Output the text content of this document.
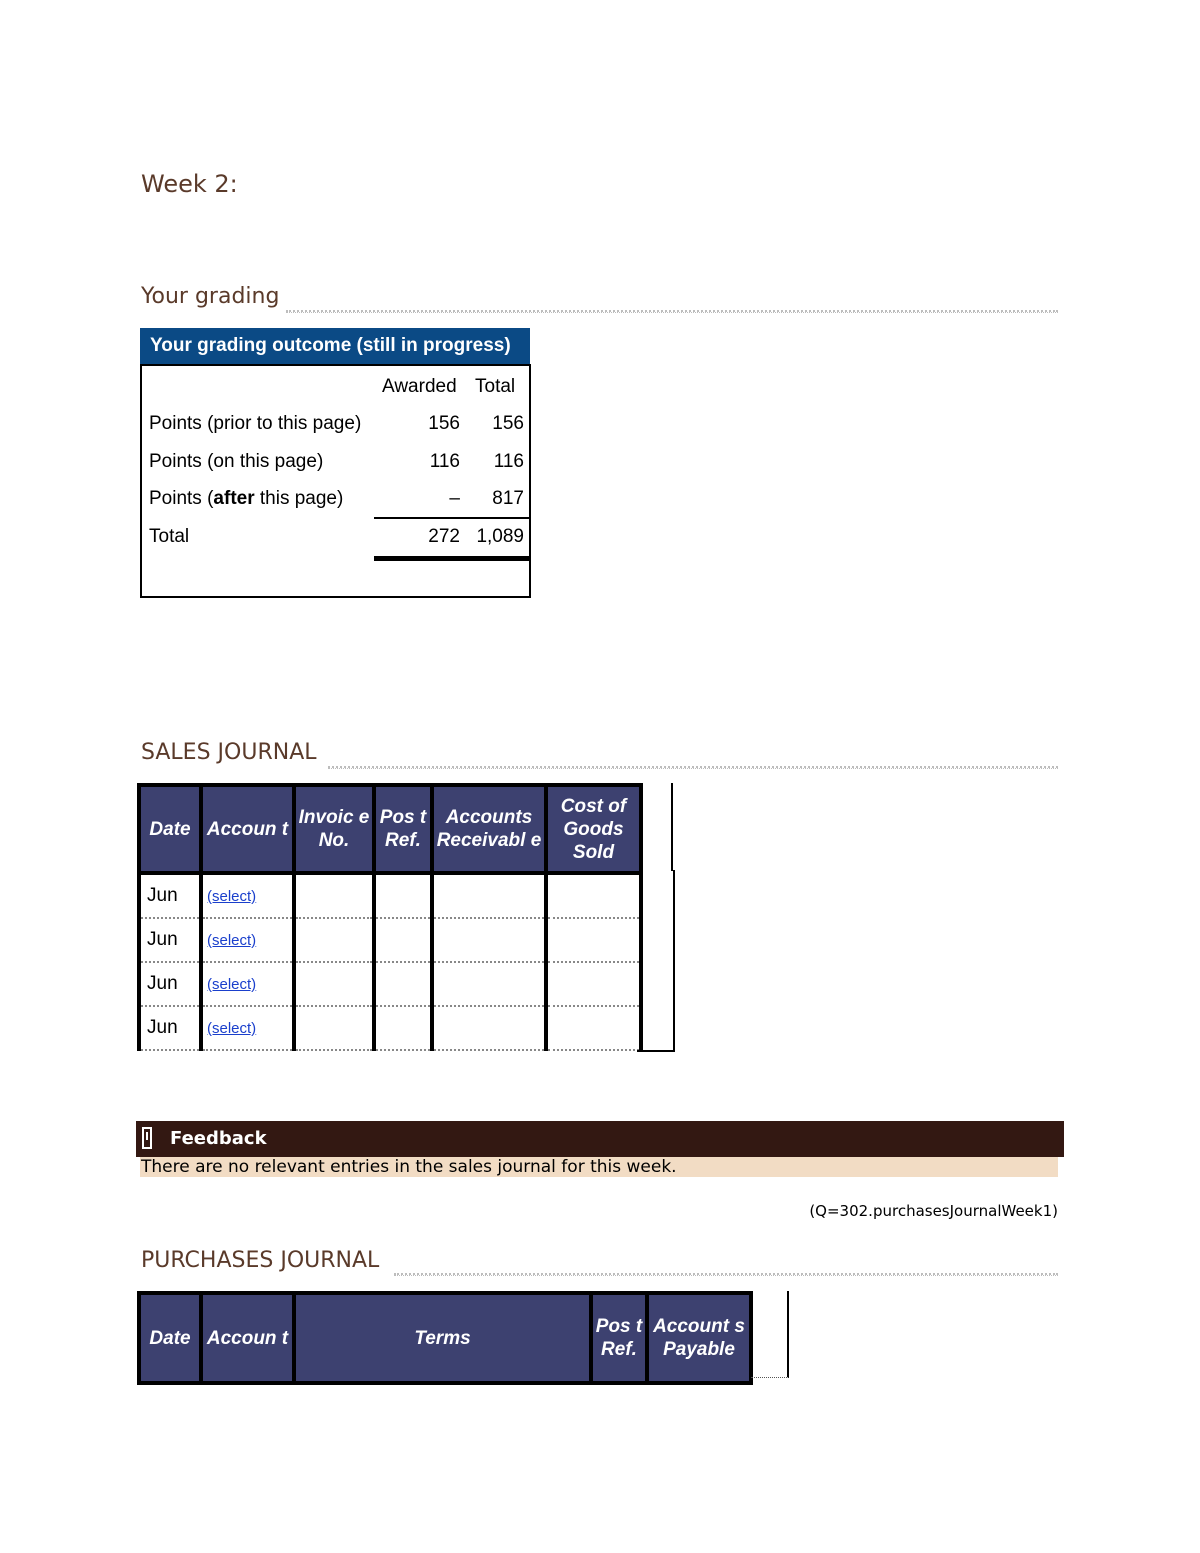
Week 2:
Your grading
Your grading outcome (still in progress)
Awarded Total
Points (prior to this page)	156	156
Points (on this page)	116	116
Points (after this page)	–	817
Total	272 1,089
SALES JOURNAL
Date	Accoun t	Invoic e No.	Pos t Ref.	Accounts Receivabl e	Cost of Goods Sold
Jun	(select)				
Jun	(select)				
Jun	(select)				
Jun	(select)				
Feedback
There are no relevant entries in the sales journal for this week.
(Q=302.purchasesJournalWeek1)
PURCHASES JOURNAL
Date	Accoun t	Terms	Pos t Ref.	Account s Payable
